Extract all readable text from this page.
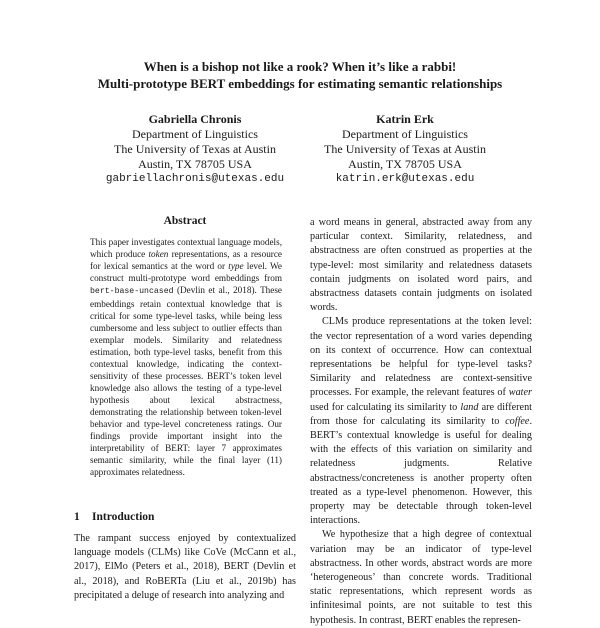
When is a bishop not like a rook? When it’s like a rabbi!
Multi-prototype BERT embeddings for estimating semantic relationships
Gabriella Chronis
Department of Linguistics
The University of Texas at Austin
Austin, TX 78705 USA
gabriellachronis@utexas.edu
Katrin Erk
Department of Linguistics
The University of Texas at Austin
Austin, TX 78705 USA
katrin.erk@utexas.edu
Abstract
This paper investigates contextual language models, which produce token representations, as a resource for lexical semantics at the word or type level. We construct multi-prototype word embeddings from bert-base-uncased (Devlin et al., 2018). These embeddings retain contextual knowledge that is critical for some type-level tasks, while being less cumbersome and less subject to outlier effects than exemplar models. Similarity and relatedness estimation, both type-level tasks, benefit from this contextual knowledge, indicating the context-sensitivity of these processes. BERT’s token level knowledge also allows the testing of a type-level hypothesis about lexical abstractness, demonstrating the relationship between token-level behavior and type-level concreteness ratings. Our findings provide important insight into the interpretability of BERT: layer 7 approximates semantic similarity, while the final layer (11) approximates relatedness.
1 Introduction
The rampant success enjoyed by contextualized language models (CLMs) like CoVe (McCann et al., 2017), ElMo (Peters et al., 2018), BERT (Devlin et al., 2018), and RoBERTa (Liu et al., 2019b) has precipitated a deluge of research into analyzing and

a word means in general, abstracted away from any particular context. Similarity, relatedness, and abstractness are often construed as properties at the type-level: most similarity and relatedness datasets contain judgments on isolated word pairs, and abstractness datasets contain judgments on isolated words.

CLMs produce representations at the token level: the vector representation of a word varies depending on its context of occurrence. How can contextual representations be helpful for type-level tasks? Similarity and relatedness are context-sensitive processes. For example, the relevant features of water used for calculating its similarity to land are different from those for calculating its similarity to coffee. BERT’s contextual knowledge is useful for dealing with the effects of this variation on similarity and relatedness judgments. Relative abstractness/concreteness is another property often treated as a type-level phenomenon. However, this property may be detectable through token-level interactions.

We hypothesize that a high degree of contextual variation may be an indicator of type-level abstractness. In other words, abstract words are more ‘heterogeneous’ than concrete words. Traditional static representations, which represent words as infinitesimal points, are not suitable to test this hypothesis. In contrast, BERT enables the represen-
